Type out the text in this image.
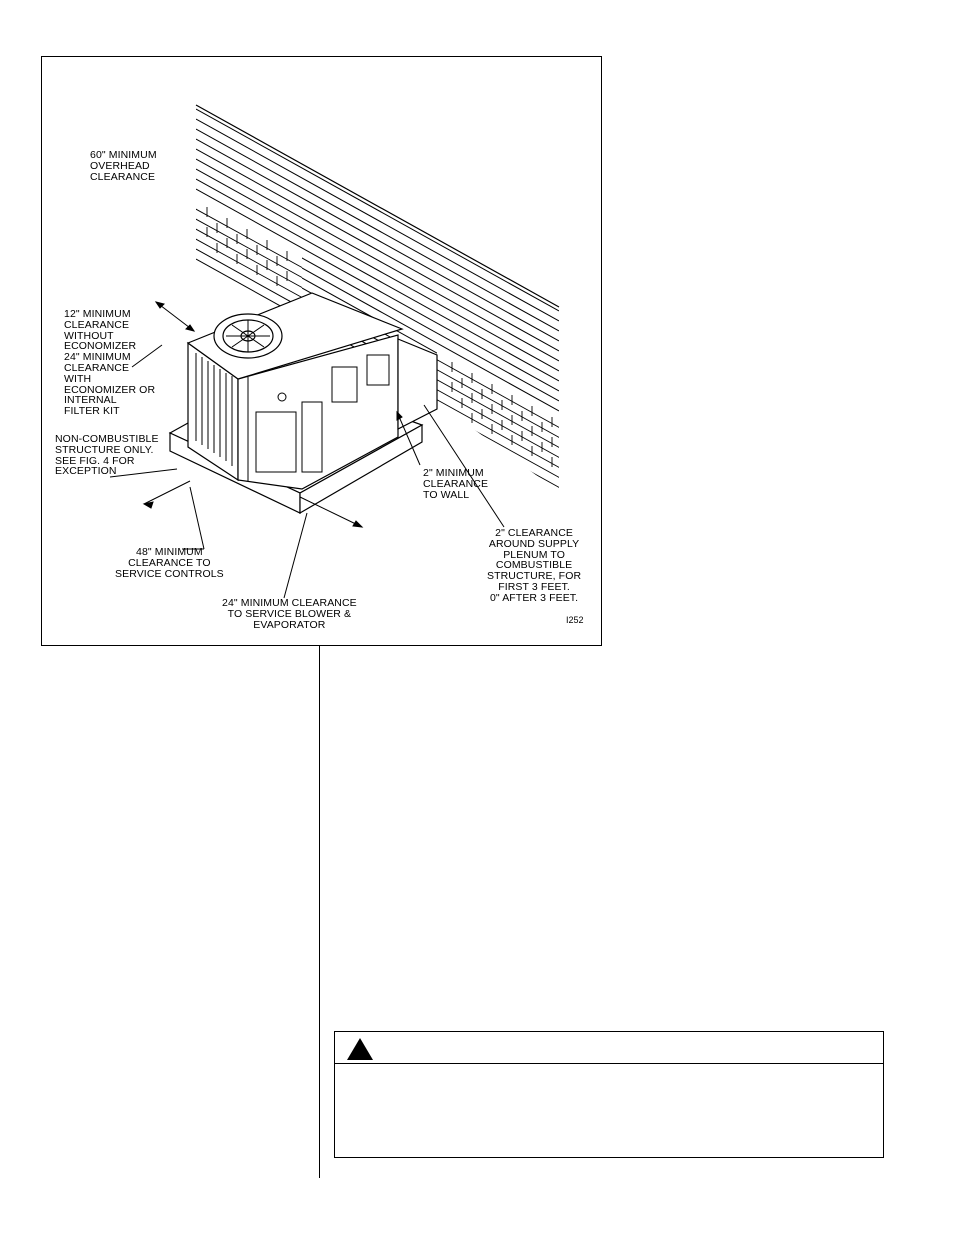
60" MINIMUM
OVERHEAD
CLEARANCE
12" MINIMUM
CLEARANCE
WITHOUT
ECONOMIZER
24" MINIMUM
CLEARANCE
WITH
ECONOMIZER OR
INTERNAL
FILTER KIT
NON-COMBUSTIBLE
STRUCTURE ONLY.
SEE FIG. 4 FOR
EXCEPTION	2" MINIMUM
CLEARANCE
TO WALL
2" CLEARANCE
AROUND SUPPLY
PLENUM TO
COMBUSTIBLE
STRUCTURE, FOR
FIRST 3 FEET.
0" AFTER 3 FEET.
48" MINIMUM
CLEARANCE TO
SERVICE CONTROLS
24" MINIMUM CLEARANCE
TO SERVICE BLOWER &
EVAPORATOR	I252
